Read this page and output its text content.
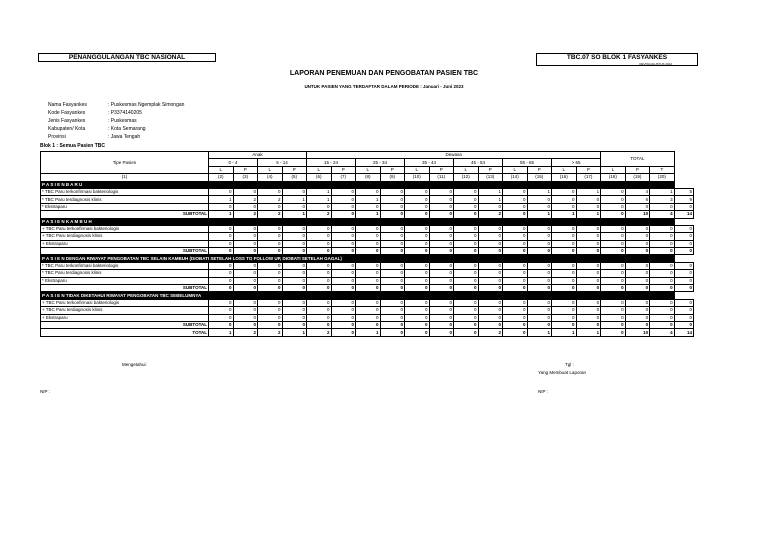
PENANGGULANGAN TBC NASIONAL	TBC.07 SO BLOK 1 FASYANKES
REVISI/AGUSTUS 2022
LAPORAN PENEMUAN DAN PENGOBATAN PASIEN TBC
UNTUK PASIEN YANG TERDAFTAR DALAM PERIODE : Januari - Juni 2023
Nama Fasyankes	: Puskesmas Ngemplak Simongan
Kode Fasyankes	: P3374140205
Jenis Fasyankes	: Puskesmas
Kabupaten/ Kota	: Kota Semarang
Provinsi	: Jawa Tengah
Blok 1 : Semua Pasien TBC
Tipe Pasien	Anak				Dewasa												TOTAL			
	0 - 4		5 - 14		15 - 24		25 - 34		35 - 44		45 - 54		55 - 65		> 65					
	L	P	L	P	L	P	L	P	L	P	L	P	L	P	L	P	L	P	T	
(1)	(2)	(3)	(4)	(5)	(6)	(7)	(8)	(9)	(10)	(11)	(12)	(13)	(14)	(15)	(16)	(17)	(18)	(19)	(20)	
P A S I E N B A R U																				
* TBC Paru terkonfirmasi bakteriologis	0	0	0	0	1	0	0	0	0	0	0	1	0	1	0	1	0	4	1	5
* TBC Paru terdiagnosis klinis	1	2	2	1	1	0	1	0	0	0	0	1	0	0	0	0	0	6	3	9
* Ekstraparu	0	0	0	0	0	0	0	0	0	0	0	0	0	0	0	0	0	0	0	0
SUBTOTAL	1	2	2	1	2	0	1	0	0	0	0	2	0	1	1	1	0	10	4	14
P A S I E N K A M B U H																				
+ TBC Paru terkonfirmasi bakteriologis	0	0	0	0	0	0	0	0	0	0	0	0	0	0	0	0	0	0	0	0
+ TBC Paru terdiagnosis klinis	0	0	0	0	0	0	0	0	0	0	0	0	0	0	0	0	0	0	0	0
+ Ekstraparu	0	0	0	0	0	0	0	0	0	0	0	0	0	0	0	0	0	0	0	0
SUBTOTAL	0	0	0	0	0	0	0	0	0	0	0	0	0	0	0	0	0	0	0	0
P A S I E N DENGAN RIWAYAT PENGOBATAN TBC SELAIN KAMBUH (DIOBATI SETELAH LOSS TO FOLLOW UP, DIOBATI SETELAH GAGAL)																				
* TBC Paru terkonfirmasi bakteriologis	0	0	0	0	0	0	0	0	0	0	0	0	0	0	0	0	0	0	0	0
* TBC Paru terdiagnosis klinis	0	0	0	0	0	0	0	0	0	0	0	0	0	0	0	0	0	0	0	0
* Ekstraparu	0	0	0	0	0	0	0	0	0	0	0	0	0	0	0	0	0	0	0	0
SUBTOTAL	0	0	0	0	0	0	0	0	0	0	0	0	0	0	0	0	0	0	0	0
P A S I E N TIDAK DIKETAHUI RIWAYAT PENGOBATAN TBC SEBELUMNYA																				
+ TBC Paru terkonfirmasi bakteriologis	0	0	0	0	0	0	0	0	0	0	0	0	0	0	0	0	0	0	0	0
+ TBC Paru terdiagnosis klinis	0	0	0	0	0	0	0	0	0	0	0	0	0	0	0	0	0	0	0	0
+ Ekstraparu	0	0	0	0	0	0	0	0	0	0	0	0	0	0	0	0	0	0	0	0
SUBTOTAL	0	0	0	0	0	0	0	0	0	0	0	0	0	0	0	0	0	0	0	0
TOTAL	1	2	2	1	2	0	1	0	0	0	0	2	0	1	1	1	0	10	4	14
Mengetahui:	Tgl :
Yang Membuat Laporan
NIP :	NIP :
